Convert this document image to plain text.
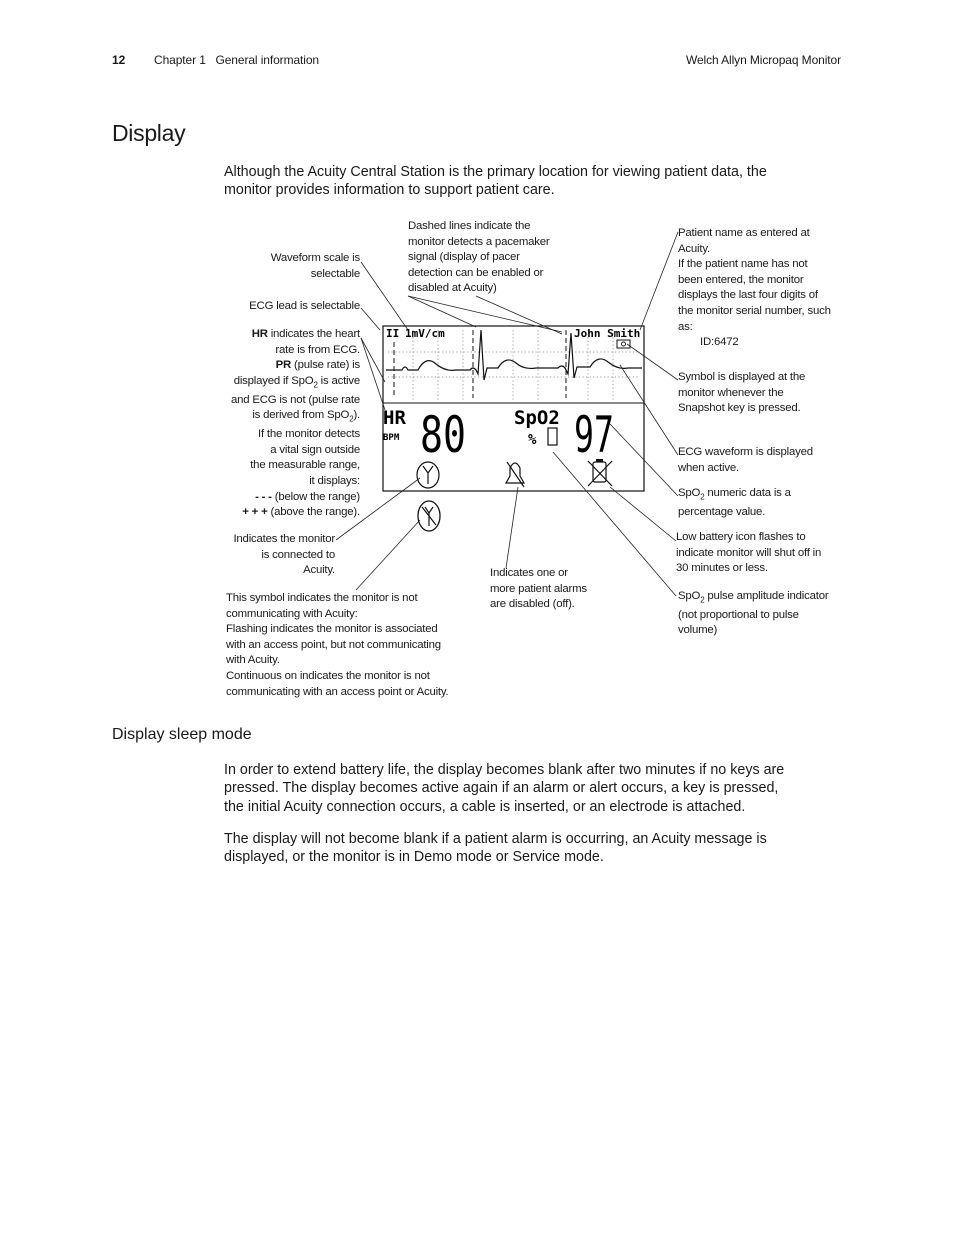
12 Chapter 1   General information	Welch Allyn Micropaq Monitor
Display
Although the Acuity Central Station is the primary location for viewing patient data, the
monitor provides information to support patient care.
II 1mV/cm	John Smith
HR
BPM 80	SpO2
% 97
Waveform scale is
selectable
ECG lead is selectable
HR indicates the heart
rate is from ECG.
PR (pulse rate) is
displayed if SpO$_2$ is active
and ECG is not (pulse rate
is derived from SpO$_2$).
If the monitor detects
a vital sign outside
the measurable range,
it displays:
- - - (below the range)
+ + + (above the range).
Indicates the monitor
is connected to
Acuity.
This symbol indicates the monitor is not
communicating with Acuity:
Flashing indicates the monitor is associated
with an access point, but not communicating
with Acuity.
Continuous on indicates the monitor is not
communicating with an access point or Acuity.
Dashed lines indicate the
monitor detects a pacemaker
signal (display of pacer
detection can be enabled or
disabled at Acuity)
Indicates one or
more patient alarms
are disabled (off).
Patient name as entered at
Acuity.
If the patient name has not
been entered, the monitor
displays the last four digits of
the monitor serial number, such
as:
ID:6472
Symbol is displayed at the
monitor whenever the
Snapshot key is pressed.
ECG waveform is displayed
when active.
SpO$_2$ numeric data is a
percentage value.
Low battery icon flashes to
indicate monitor will shut off in
30 minutes or less.
SpO$_2$ pulse amplitude indicator
(not proportional to pulse
volume)
Display sleep mode
In order to extend battery life, the display becomes blank after two minutes if no keys are
pressed. The display becomes active again if an alarm or alert occurs, a key is pressed,
the initial Acuity connection occurs, a cable is inserted, or an electrode is attached.
The display will not become blank if a patient alarm is occurring, an Acuity message is
displayed, or the monitor is in Demo mode or Service mode.
